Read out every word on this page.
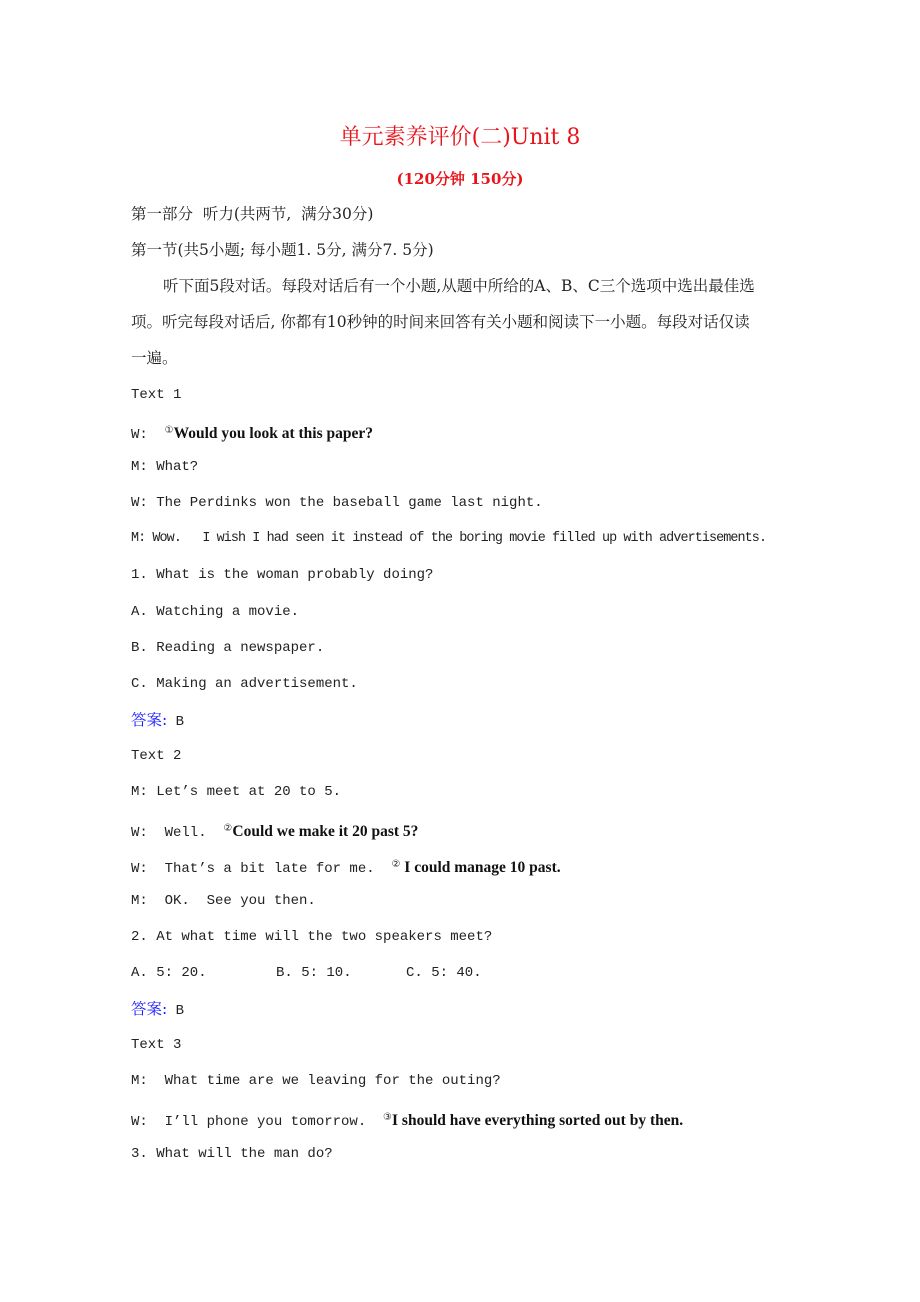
单元素养评价(二)Unit 8
(120分钟 150分)
第一部分  听力(共两节,  满分30分)
第一节(共5小题; 每小题1. 5分, 满分7. 5分)
听下面5段对话。每段对话后有一个小题,从题中所给的A、B、C三个选项中选出最佳选
项。听完每段对话后, 你都有10秒钟的时间来回答有关小题和阅读下一小题。每段对话仅读
一遍。
Text 1
W:  ①Would you look at this paper?
M: What?
W: The Perdinks won the baseball game last night.
M: Wow.   I wish I had seen it instead of the boring movie filled up with advertisements.
1. What is the woman probably doing?
A. Watching a movie.
B. Reading a newspaper.
C. Making an advertisement.
答案: B
Text 2
M: Let’s meet at 20 to 5.
W:  Well.  ②Could we make it 20 past 5?
W:  That’s a bit late for me.  ② I could manage 10 past.
M:  OK.  See you then.
2. At what time will the two speakers meet?
A. 5: 20.	B. 5: 10.	C. 5: 40.
答案: B
Text 3
M:  What time are we leaving for the outing?
W:  I’ll phone you tomorrow.  ③I should have everything sorted out by then.
3. What will the man do?
